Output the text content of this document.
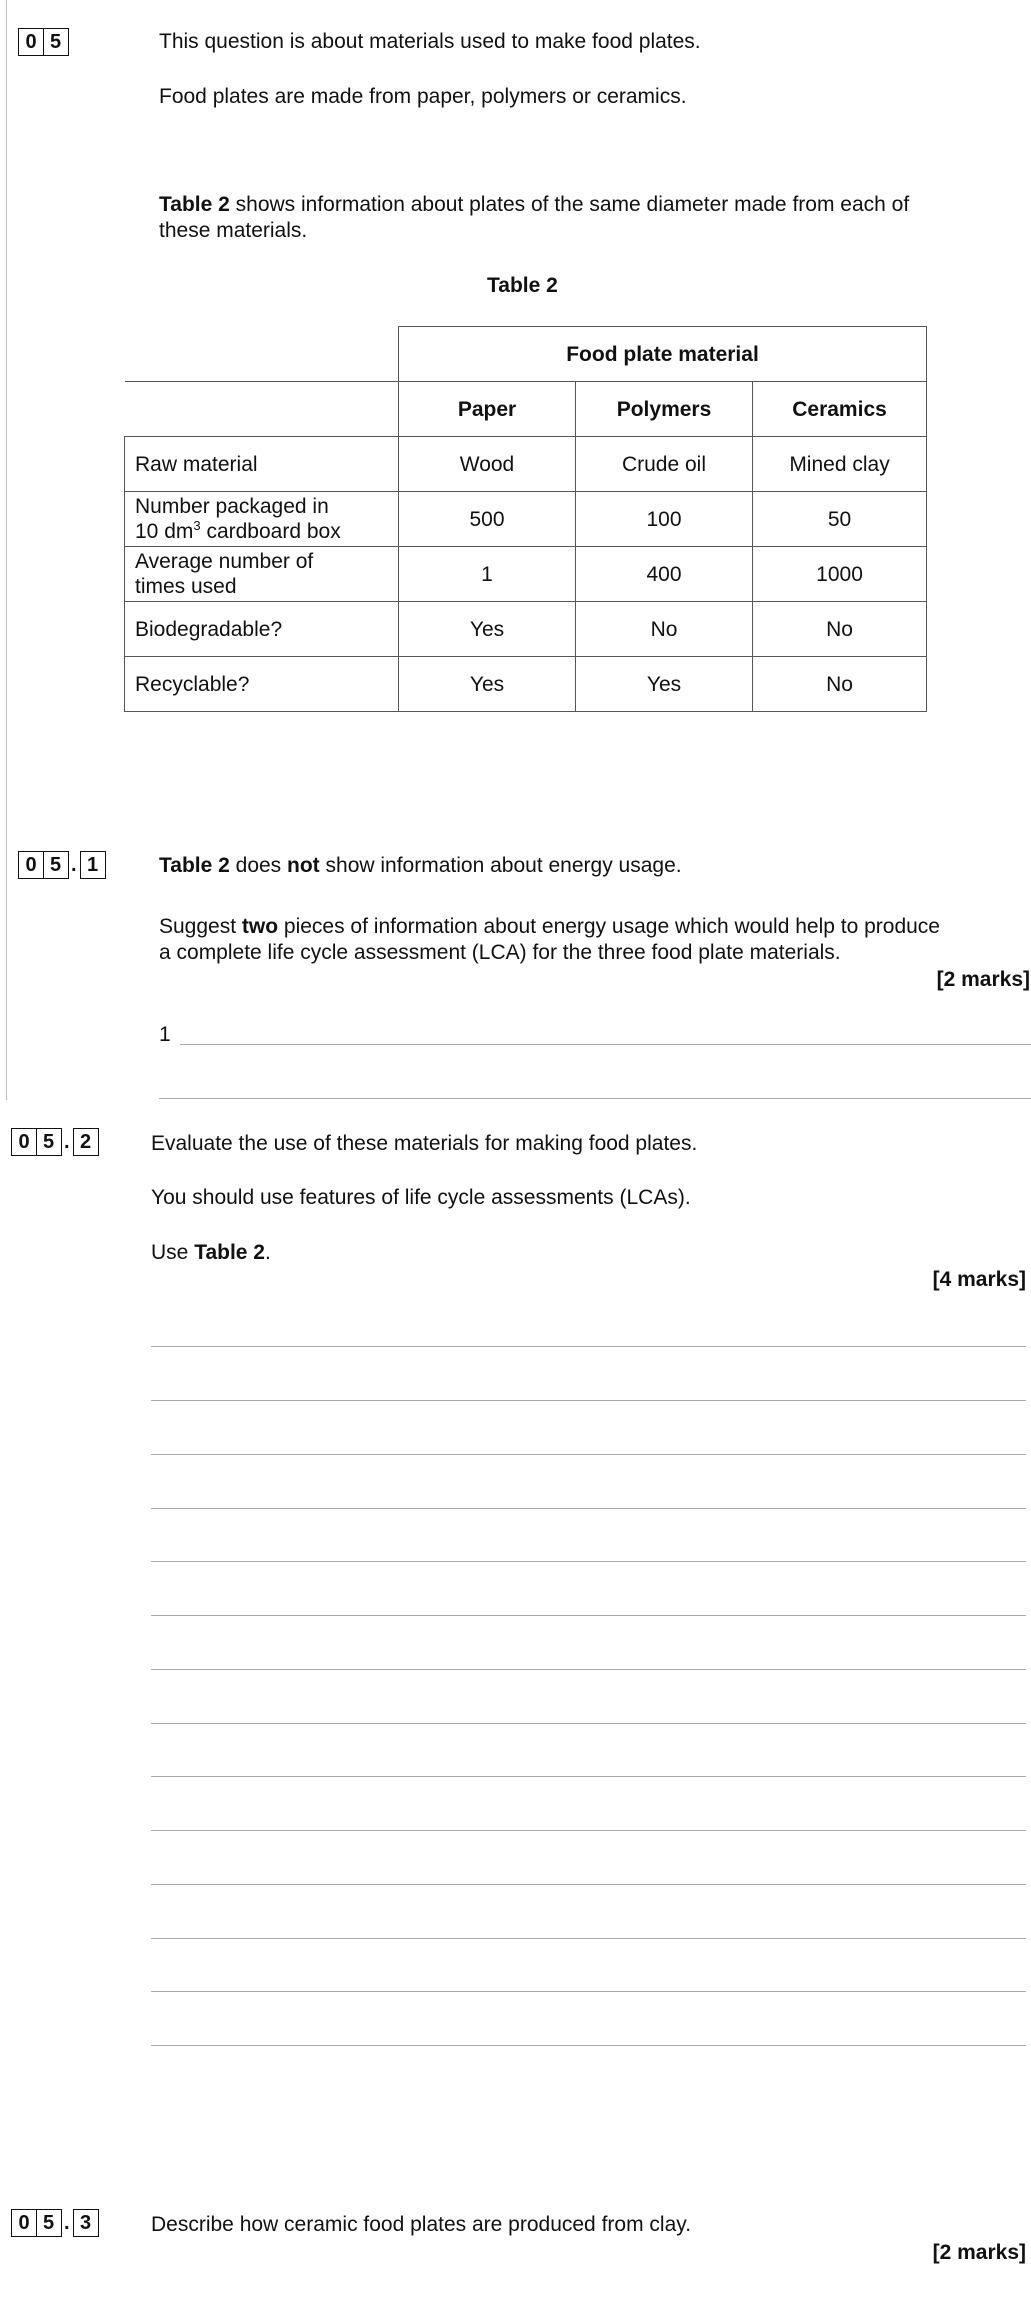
0 5	This question is about materials used to make food plates.
Food plates are made from paper, polymers or ceramics.
Table 2 shows information about plates of the same diameter made from each of
these materials.
Table 2
	Food plate material		
	Paper	Polymers	Ceramics
Raw material	Wood	Crude oil	Mined clay

Number packaged in
10 $dm^3$ cardboard box	500	100	50

Average number of
times used	1	400	1000
Biodegradable?	Yes	No	No
Recyclable?	Yes	Yes	No
0 5 . 1	Table 2 does not show information about energy usage.
Suggest two pieces of information about energy usage which would help to produce
a complete life cycle assessment (LCA) for the three food plate materials.
[2 marks]
1
0 5 . 2	Evaluate the use of these materials for making food plates.
You should use features of life cycle assessments (LCAs).
Use Table 2.
[4 marks]
0 5 . 3	Describe how ceramic food plates are produced from clay.
[2 marks]
